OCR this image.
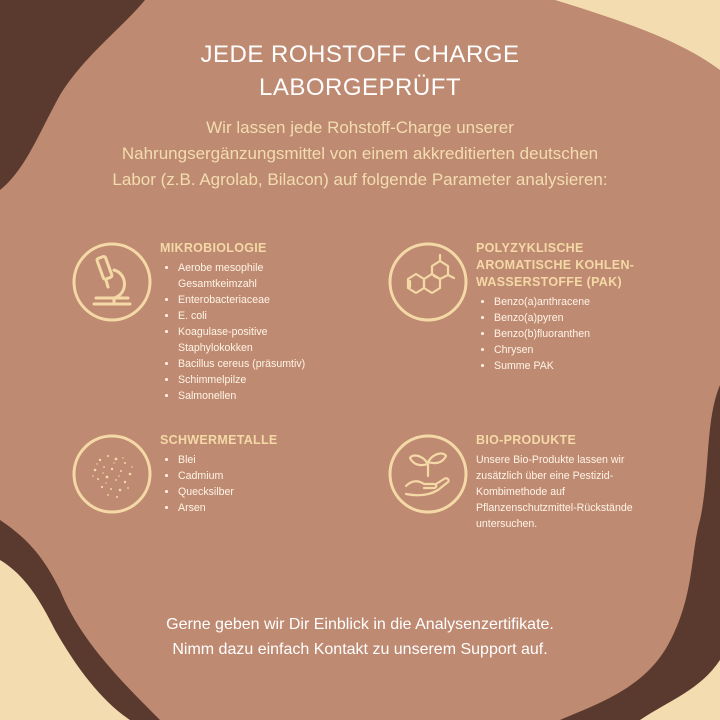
JEDE ROHSTOFF CHARGE
LABORGEPRÜFT
Wir lassen jede Rohstoff-Charge unserer
Nahrungsergänzungsmittel von einem akkreditierten deutschen
Labor (z.B. Agrolab, Bilacon) auf folgende Parameter analysieren:
MIKROBIOLOGIE
• Aerobe mesophile Gesamtkeimzahl
• Enterobacteriaceae
• E. coli
• Koagulase-positive Staphylokokken
• Bacillus cereus (präsumtiv)
• Schimmelpilze
• Salmonellen
POLYZYKLISCHE
AROMATISCHE KOHLEN-
WASSERSTOFFE (PAK)
• Benzo(a)anthracene
• Benzo(a)pyren
• Benzo(b)fluoranthen
• Chrysen
• Summe PAK
SCHWERMETALLE
• Blei
• Cadmium
• Quecksilber
• Arsen
BIO-PRODUKTE

Unsere Bio-Produkte lassen wir
zusätzlich über eine Pestizid-
Kombimethode auf
Pflanzenschutzmittel-Rückstände
untersuchen.

Gerne geben wir Dir Einblick in die Analysenzertifikate.
Nimm dazu einfach Kontakt zu unserem Support auf.
